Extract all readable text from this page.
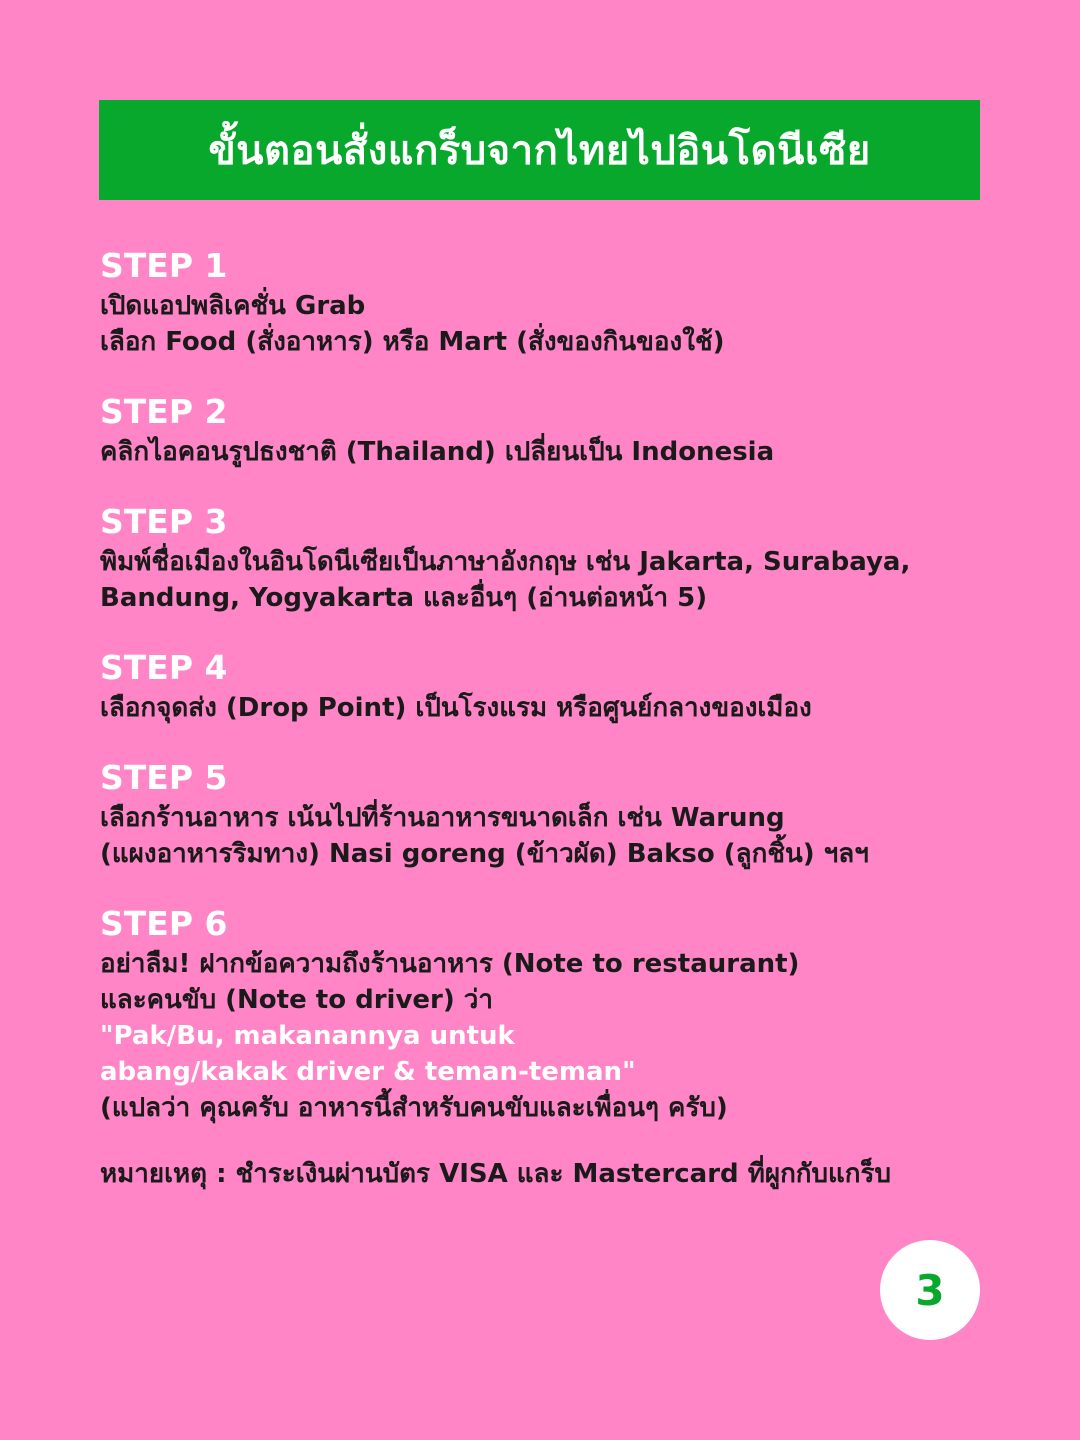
ขั้นตอนสั่งแกร็บจากไทยไปอินโดนีเซีย
STEP 1
เปิดแอปพลิเคชั่น Grab
เลือก Food (สั่งอาหาร) หรือ Mart (สั่งของกินของใช้)
STEP 2
คลิกไอคอนรูปธงชาติ (Thailand) เปลี่ยนเป็น Indonesia
STEP 3
พิมพ์ชื่อเมืองในอินโดนีเซียเป็นภาษาอังกฤษ เช่น Jakarta, Surabaya,
Bandung, Yogyakarta และอื่นๆ (อ่านต่อหน้า 5)
STEP 4
เลือกจุดส่ง (Drop Point) เป็นโรงแรม หรือศูนย์กลางของเมือง
STEP 5
เลือกร้านอาหาร เน้นไปที่ร้านอาหารขนาดเล็ก เช่น Warung
(แผงอาหารริมทาง) Nasi goreng (ข้าวผัด) Bakso (ลูกชิ้น) ฯลฯ
STEP 6
อย่าลืม! ฝากข้อความถึงร้านอาหาร (Note to restaurant)
และคนขับ (Note to driver) ว่า
"Pak/Bu, makanannya untuk
abang/kakak driver & teman-teman"
(แปลว่า คุณครับ อาหารนี้สำหรับคนขับและเพื่อนๆ ครับ)
หมายเหตุ : ชำระเงินผ่านบัตร VISA และ Mastercard ที่ผูกกับแกร็บ
3
